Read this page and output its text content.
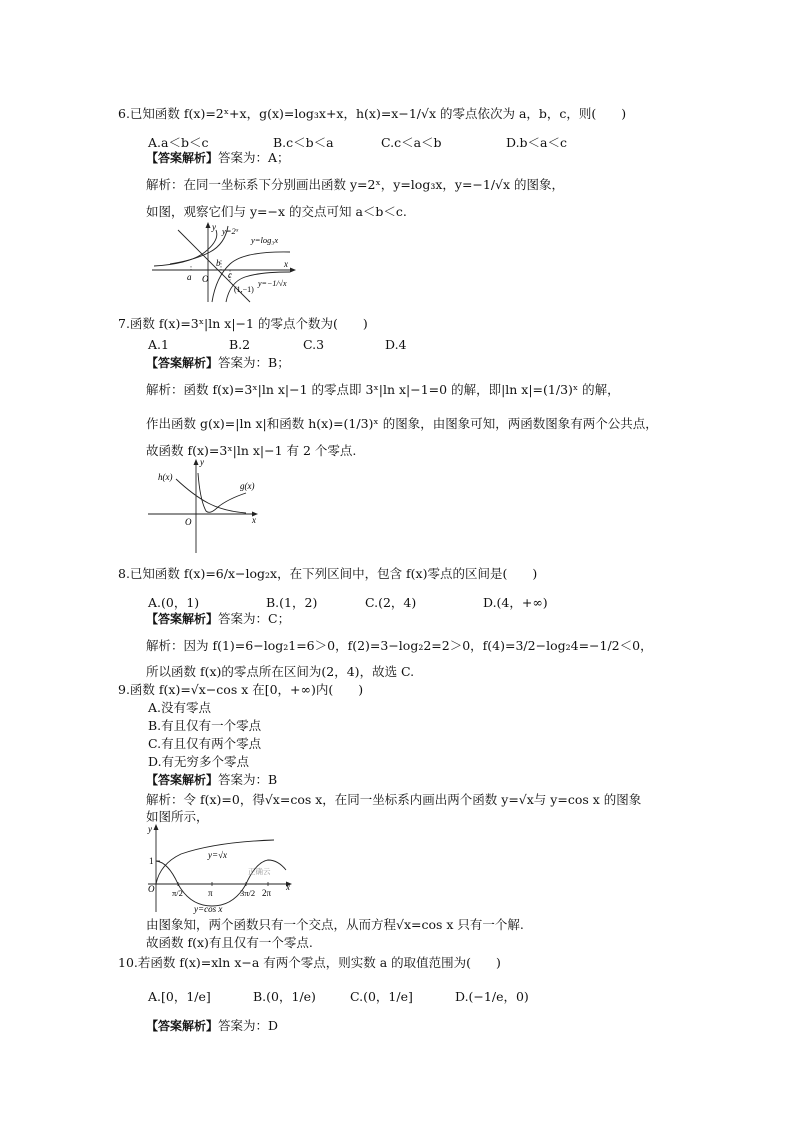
6.已知函数 f(x)=2ˣ+x，g(x)=log₃x+x，h(x)=x−1/√x 的零点依次为 a，b，c，则(　　)
A.a＜b＜c	B.c＜b＜a	C.c＜a＜b	D.b＜a＜c
【答案解析】答案为：A；
解析：在同一坐标系下分别画出函数 y=2ˣ，y=log₃x，y=−1/√x 的图象，
如图，观察它们与 y=−x 的交点可知 a＜b＜c.
y
x
y=2ˣ
y=log₃x
a
b
c
O
(1,−1)
y=−1/√x
7.函数 f(x)=3ˣ|ln x|−1 的零点个数为(　　)
A.1	B.2	C.3	D.4
【答案解析】答案为：B；
解析：函数 f(x)=3ˣ|ln x|−1 的零点即 3ˣ|ln x|−1=0 的解，即|ln x|=(1/3)ˣ 的解，
作出函数 g(x)=|ln x|和函数 h(x)=(1/3)ˣ 的图象，由图象可知，两函数图象有两个公共点，
故函数 f(x)=3ˣ|ln x|−1 有 2 个零点.
h(x)
g(x)
y
x
O
8.已知函数 f(x)=6/x−log₂x，在下列区间中，包含 f(x)零点的区间是(　　)
A.(0，1)	B.(1，2)	C.(2，4)	D.(4，+∞)
【答案解析】答案为：C；
解析：因为 f(1)=6−log₂1=6＞0，f(2)=3−log₂2=2＞0，f(4)=3/2−log₂4=−1/2＜0，
所以函数 f(x)的零点所在区间为(2，4)，故选 C.
9.函数 f(x)=√x−cos x 在[0，+∞)内(　　)
A.没有零点
B.有且仅有一个零点
C.有且仅有两个零点
D.有无穷多个零点
【答案解析】答案为：B
解析：令 f(x)=0，得√x=cos x，在同一坐标系内画出两个函数 y=√x与 y=cos x 的图象
如图所示，
y
x
1
O π/2	π	3π/2 2π
y=√x
y=cos x
正确云
由图象知，两个函数只有一个交点，从而方程√x=cos x 只有一个解.
故函数 f(x)有且仅有一个零点.
10.若函数 f(x)=xln x−a 有两个零点，则实数 a 的取值范围为(　　)
A.[0，1/e]	B.(0，1/e)	C.(0，1/e]	D.(−1/e，0)
【答案解析】答案为：D
